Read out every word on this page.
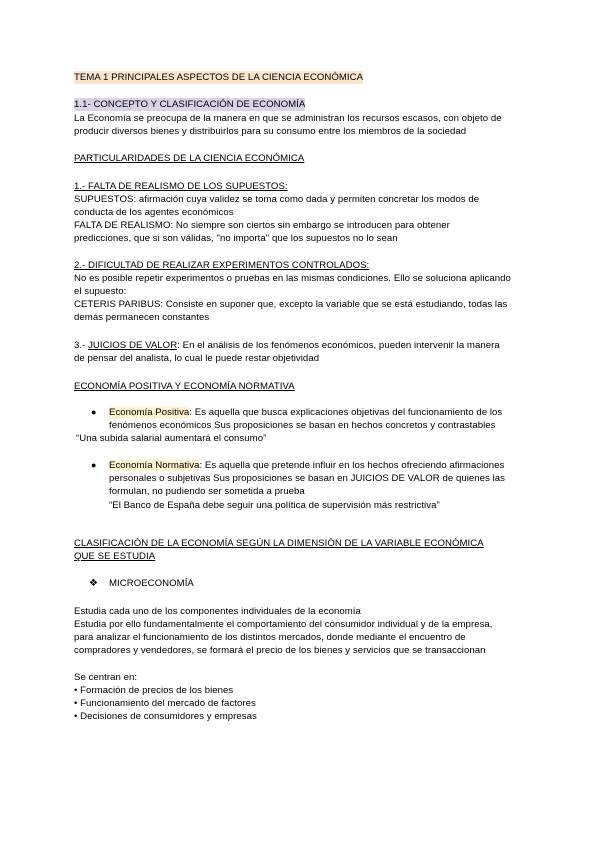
TEMA 1 PRINCIPALES ASPECTOS DE LA CIENCIA ECONÓMICA
1.1- CONCEPTO Y CLASIFICACIÓN DE ECONOMÍA
La Economía se preocupa de la manera en que se administran los recursos escasos, con objeto de
producir diversos bienes y distribuirlos para su consumo entre los miembros de la sociedad
PARTICULARIDADES DE LA CIENCIA ECONÓMICA
1.- FALTA DE REALISMO DE LOS SUPUESTOS:
SUPUESTOS: afirmación cuya validez se toma como dada y permiten concretar los modos de
conducta de los agentes económicos
FALTA DE REALISMO: No siempre son ciertos sin embargo se introducen para obtener
predicciones, que si son válidas, "no importa" que los supuestos no lo sean
2.- DIFICULTAD DE REALIZAR EXPERIMENTOS CONTROLADOS:
No es posible repetir experimentos o pruebas en las mismas condiciones. Ello se soluciona aplicando
el supuesto:
CETERIS PARIBUS: Consiste en suponer que, excepto la variable que se está estudiando, todas las
demás permanecen constantes
3.- JUICIOS DE VALOR: En el análisis de los fenómenos económicos, pueden intervenir la manera
de pensar del analista, lo cual le puede restar objetividad
ECONOMÍA POSITIVA Y ECONOMÍA NORMATIVA
● Economía Positiva: Es aquella que busca explicaciones objetivas del funcionamiento de los
fenómenos económicos Sus proposiciones se basan en hechos concretos y contrastables
“Una subida salarial aumentará el consumo”
● Economía Normativa: Es aquella que pretende influir en los hechos ofreciendo afirmaciones
personales o subjetivas Sus proposiciones se basan en JUICIOS DE VALOR de quienes las
formulan, no pudiendo ser sometida a prueba
“El Banco de España debe seguir una política de supervisión más restrictiva”
CLASIFICACIÓN DE LA ECONOMÍA SEGÚN LA DIMENSIÓN DE LA VARIABLE ECONÓMICA
QUE SE ESTUDIA
❖ MICROECONOMÍA
Estudia cada uno de los componentes individuales de la economía
Estudia por ello fundamentalmente el comportamiento del consumidor individual y de la empresa,
para analizar el funcionamiento de los distintos mercados, donde mediante el encuentro de
compradores y vendedores, se formará el precio de los bienes y servicios que se transaccionan
Se centran en:
• Formación de precios de los bienes
• Funcionamiento del mercado de factores
• Decisiones de consumidores y empresas
